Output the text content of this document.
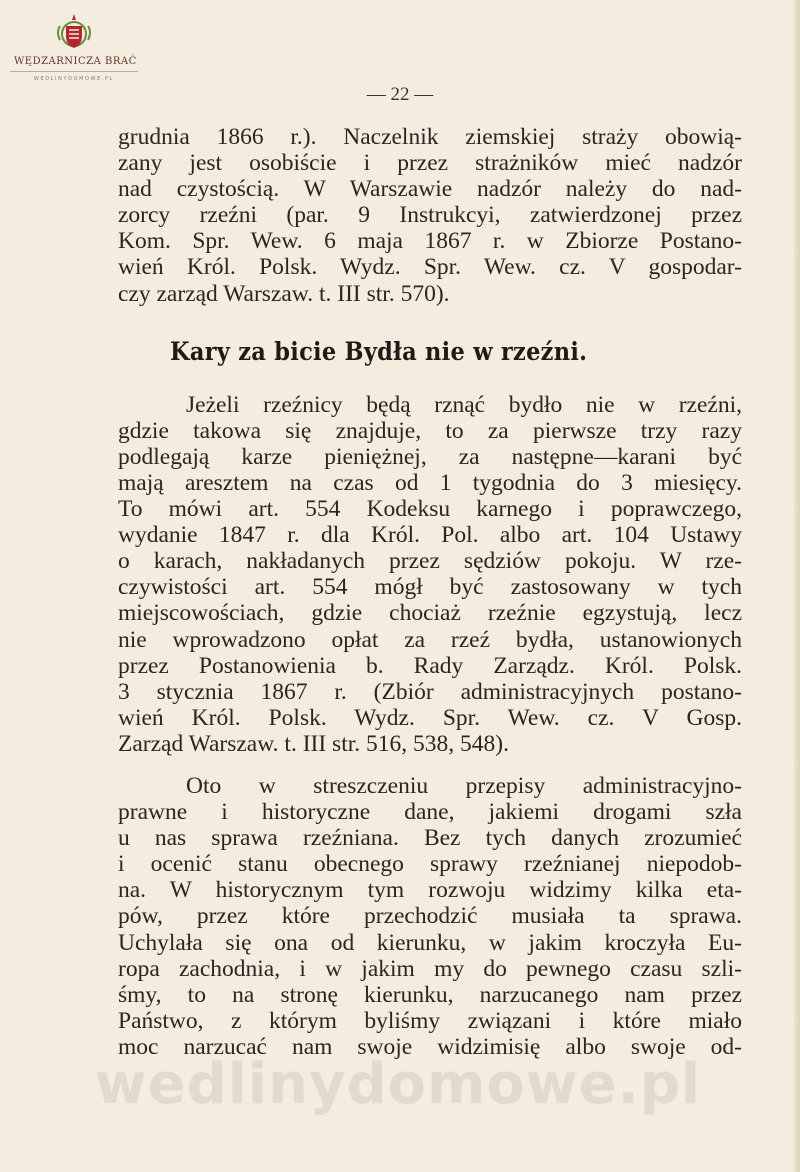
WĘDZARNICZA BRAĆ
WEDLINYDOMOWE.PL
— 22 —
grudnia 1866 r.). Naczelnik ziemskiej straży obowią-
zany jest osobiście i przez strażników mieć nadzór
nad czystością. W Warszawie nadzór należy do nad-
zorcy rzeźni (par. 9 Instrukcyi, zatwierdzonej przez
Kom. Spr. Wew. 6 maja 1867 r. w Zbiorze Postano-
wień Król. Polsk. Wydz. Spr. Wew. cz. V gospodar-
czy zarząd Warszaw. t. III str. 570).
Kary za bicie Bydła nie w rzeźni.
Jeżeli rzeźnicy będą rznąć bydło nie w rzeźni,
gdzie takowa się znajduje, to za pierwsze trzy razy
podlegają karze pieniężnej, za następne—karani być
mają aresztem na czas od 1 tygodnia do 3 miesięcy.
To mówi art. 554 Kodeksu karnego i poprawczego,
wydanie 1847 r. dla Król. Pol. albo art. 104 Ustawy
o karach, nakładanych przez sędziów pokoju. W rze-
czywistości art. 554 mógł być zastosowany w tych
miejscowościach, gdzie chociaż rzeźnie egzystują, lecz
nie wprowadzono opłat za rzeź bydła, ustanowionych
przez Postanowienia b. Rady Zarządz. Król. Polsk.
3 stycznia 1867 r. (Zbiór administracyjnych postano-
wień Król. Polsk. Wydz. Spr. Wew. cz. V Gosp.
Zarząd Warszaw. t. III str. 516, 538, 548).
Oto w streszczeniu przepisy administracyjno-
prawne i historyczne dane, jakiemi drogami szła
u nas sprawa rzeźniana. Bez tych danych zrozumieć
i ocenić stanu obecnego sprawy rzeźnianej niepodob-
na. W historycznym tym rozwoju widzimy kilka eta-
pów, przez które przechodzić musiała ta sprawa.
Uchylała się ona od kierunku, w jakim kroczyła Eu-
ropa zachodnia, i w jakim my do pewnego czasu szli-
śmy, to na stronę kierunku, narzucanego nam przez
Państwo, z którym byliśmy związani i które miało
moc narzucać nam swoje widzimisię albo swoje od-
wedlinydomowe.pl
